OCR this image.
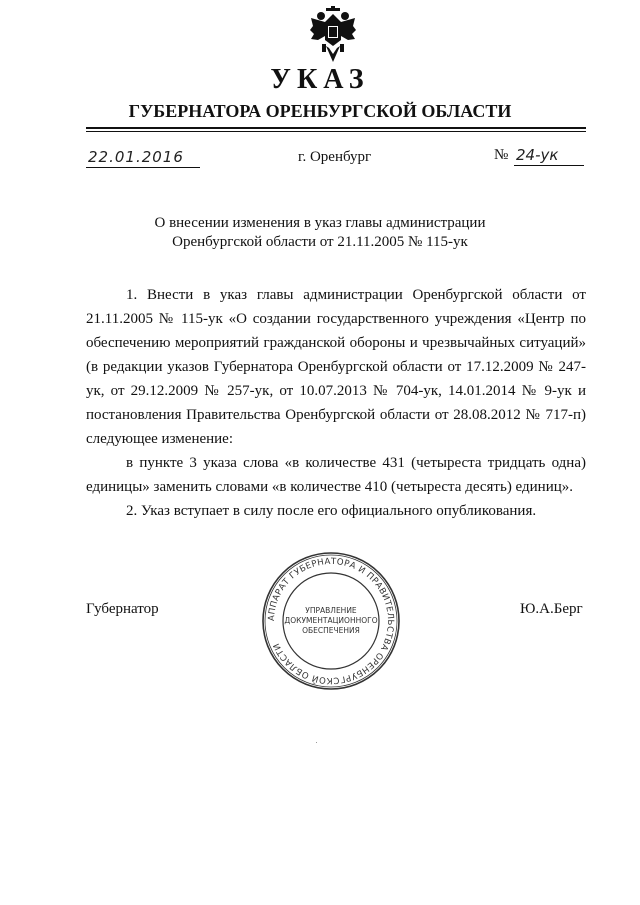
УКАЗ
ГУБЕРНАТОРА ОРЕНБУРГСКОЙ ОБЛАСТИ
22.01.2016	г. Оренбург	№ 24-ук
О внесении изменения в указ главы администрации
Оренбургской области от 21.11.2005 № 115-ук

1. Внести в указ главы администрации Оренбургской области от 21.11.2005 № 115-ук «О создании государственного учреждения «Центр по обеспечению мероприятий гражданской обороны и чрезвычайных ситуаций» (в редакции указов Губернатора Оренбургской области от 17.12.2009 № 247-ук, от 29.12.2009 № 257-ук, от 10.07.2013 № 704-ук, 14.01.2014 № 9-ук и постановления Правительства Оренбургской области от 28.08.2012 № 717-п) следующее изменение:

в пункте 3 указа слова «в количестве 431 (четыреста тридцать одна) единицы» заменить словами «в количестве 410 (четыреста десять) единиц».

2. Указ вступает в силу после его официального опубликования.

Губернатор	Ю.А.Берг
АППАРАТ ГУБЕРНАТОРА И ПРАВИТЕЛЬСТВА ОРЕНБУРГСКОЙ ОБЛАСТИ
УПРАВЛЕНИЕ
ДОКУМЕНТАЦИОННОГО
ОБЕСПЕЧЕНИЯ
